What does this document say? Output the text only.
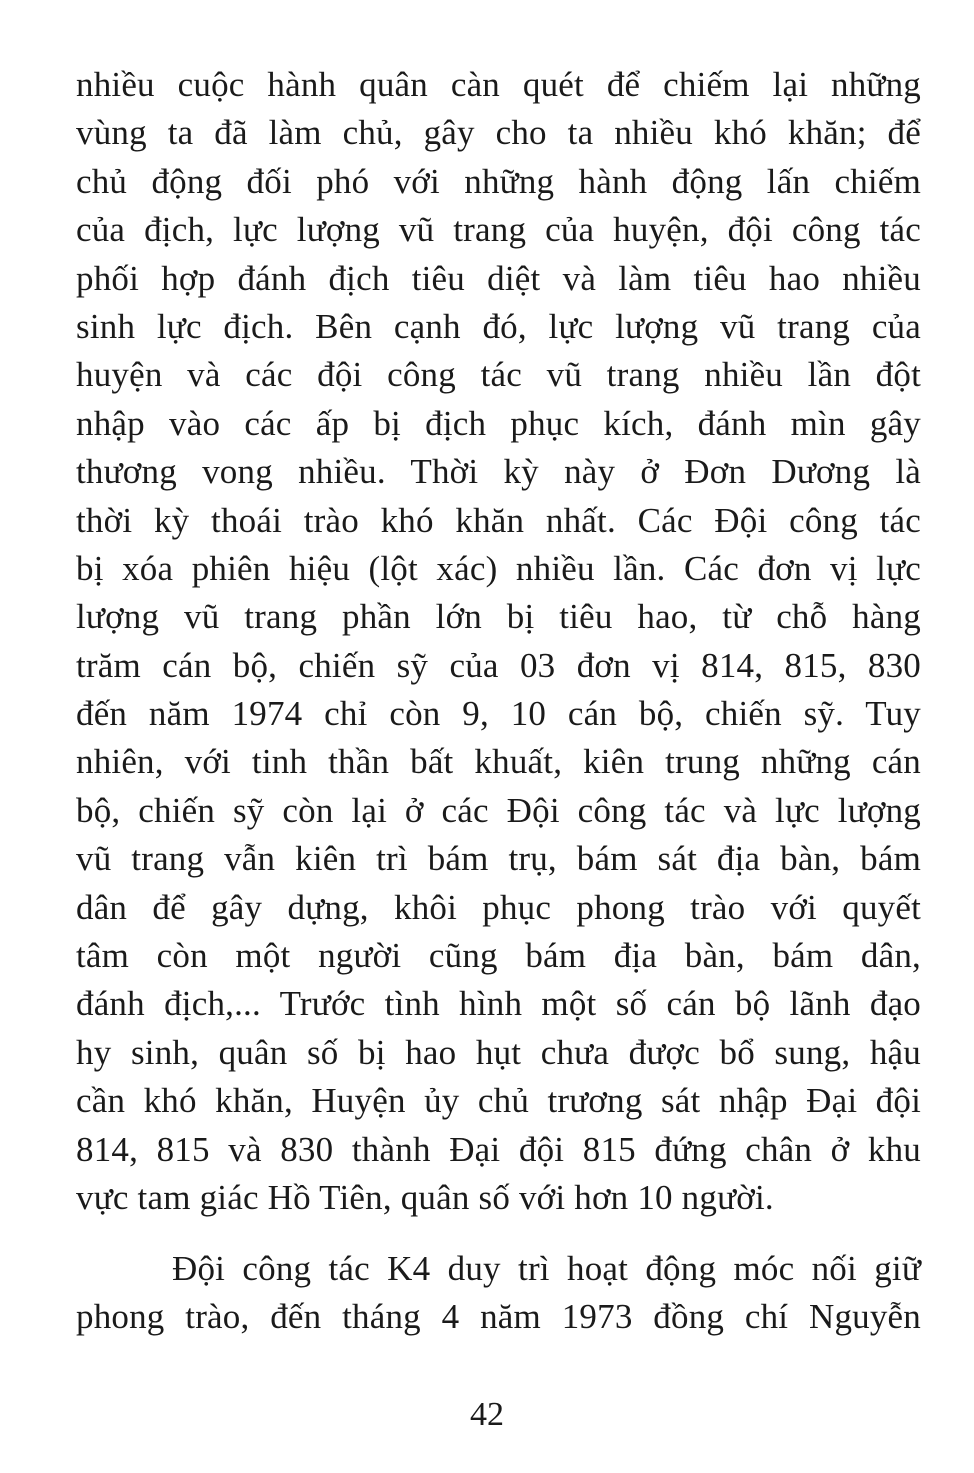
nhiều cuộc hành quân càn quét để chiếm lại những
vùng ta đã làm chủ, gây cho ta nhiều khó khăn; để
chủ động đối phó với những hành động lấn chiếm
của địch, lực lượng vũ trang của huyện, đội công tác
phối hợp đánh địch tiêu diệt và làm tiêu hao nhiều
sinh lực địch. Bên cạnh đó, lực lượng vũ trang của
huyện và các đội công tác vũ trang nhiều lần đột
nhập vào các ấp bị địch phục kích, đánh mìn gây
thương vong nhiều. Thời kỳ này ở Đơn Dương là
thời kỳ thoái trào khó khăn nhất. Các Đội công tác
bị xóa phiên hiệu (lột xác) nhiều lần. Các đơn vị lực
lượng vũ trang phần lớn bị tiêu hao, từ chỗ hàng
trăm cán bộ, chiến sỹ của 03 đơn vị 814, 815, 830
đến năm 1974 chỉ còn 9, 10 cán bộ, chiến sỹ. Tuy
nhiên, với tinh thần bất khuất, kiên trung những cán
bộ, chiến sỹ còn lại ở các Đội công tác và lực lượng
vũ trang vẫn kiên trì bám trụ, bám sát địa bàn, bám
dân để gây dựng, khôi phục phong trào với quyết
tâm còn một người cũng bám địa bàn, bám dân,
đánh địch,... Trước tình hình một số cán bộ lãnh đạo
hy sinh, quân số bị hao hụt chưa được bổ sung, hậu
cần khó khăn, Huyện ủy chủ trương sát nhập Đại đội
814, 815 và 830 thành Đại đội 815 đứng chân ở khu
vực tam giác Hồ Tiên, quân số với hơn 10 người.
Đội công tác K4 duy trì hoạt động móc nối giữ
phong trào, đến tháng 4 năm 1973 đồng chí Nguyễn
42
